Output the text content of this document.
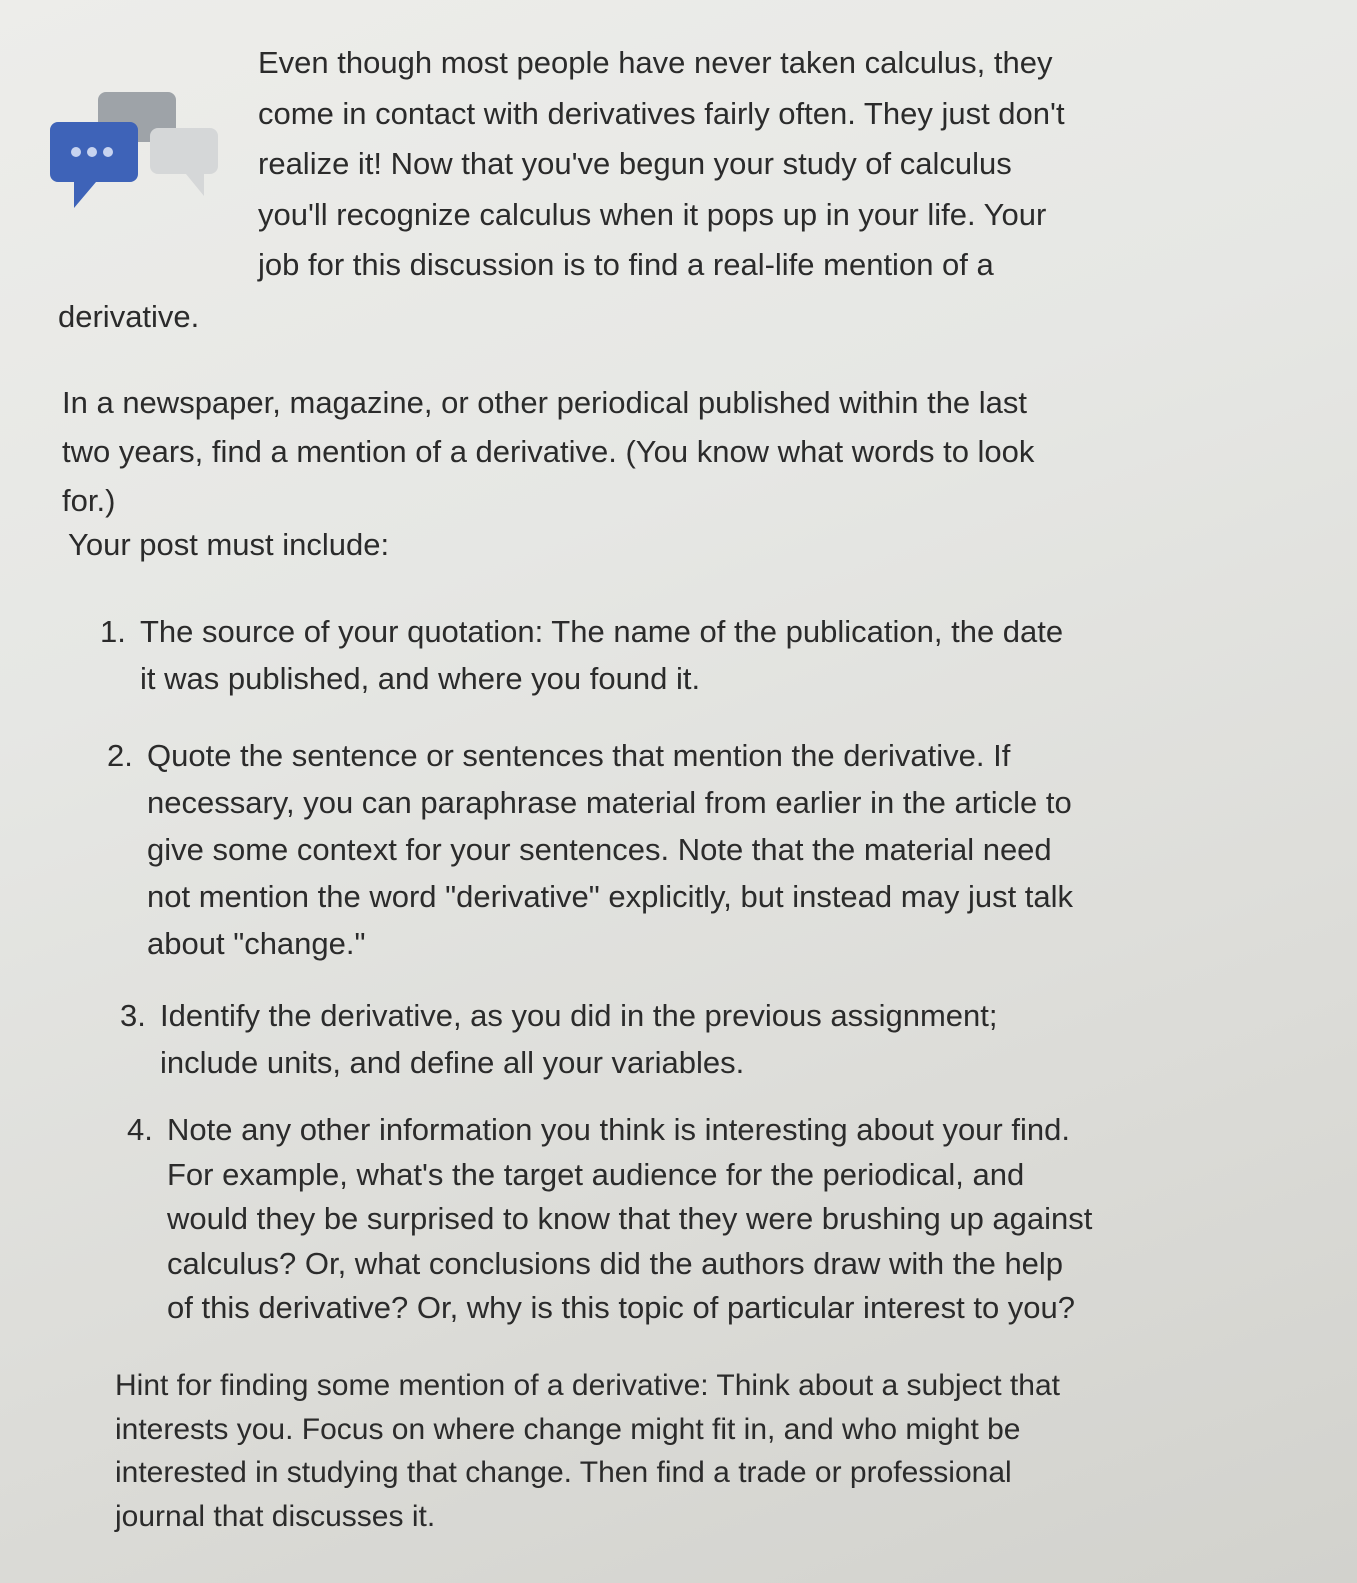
Even though most people have never taken calculus, they come in contact with derivatives fairly often. They just don't realize it! Now that you've begun your study of calculus you'll recognize calculus when it pops up in your life. Your job for this discussion is to find a real-life mention of a

derivative.

In a newspaper, magazine, or other periodical published within the last two years, find a mention of a derivative. (You know what words to look for.)

Your post must include:

1. The source of your quotation: The name of the publication, the date it was published, and where you found it.

2. Quote the sentence or sentences that mention the derivative. If necessary, you can paraphrase material from earlier in the article to give some context for your sentences. Note that the material need not mention the word "derivative" explicitly, but instead may just talk about "change."

3. Identify the derivative, as you did in the previous assignment; include units, and define all your variables.

4. Note any other information you think is interesting about your find. For example, what's the target audience for the periodical, and would they be surprised to know that they were brushing up against calculus? Or, what conclusions did the authors draw with the help of this derivative? Or, why is this topic of particular interest to you?

Hint for finding some mention of a derivative: Think about a subject that interests you. Focus on where change might fit in, and who might be interested in studying that change. Then find a trade or professional journal that discusses it.
